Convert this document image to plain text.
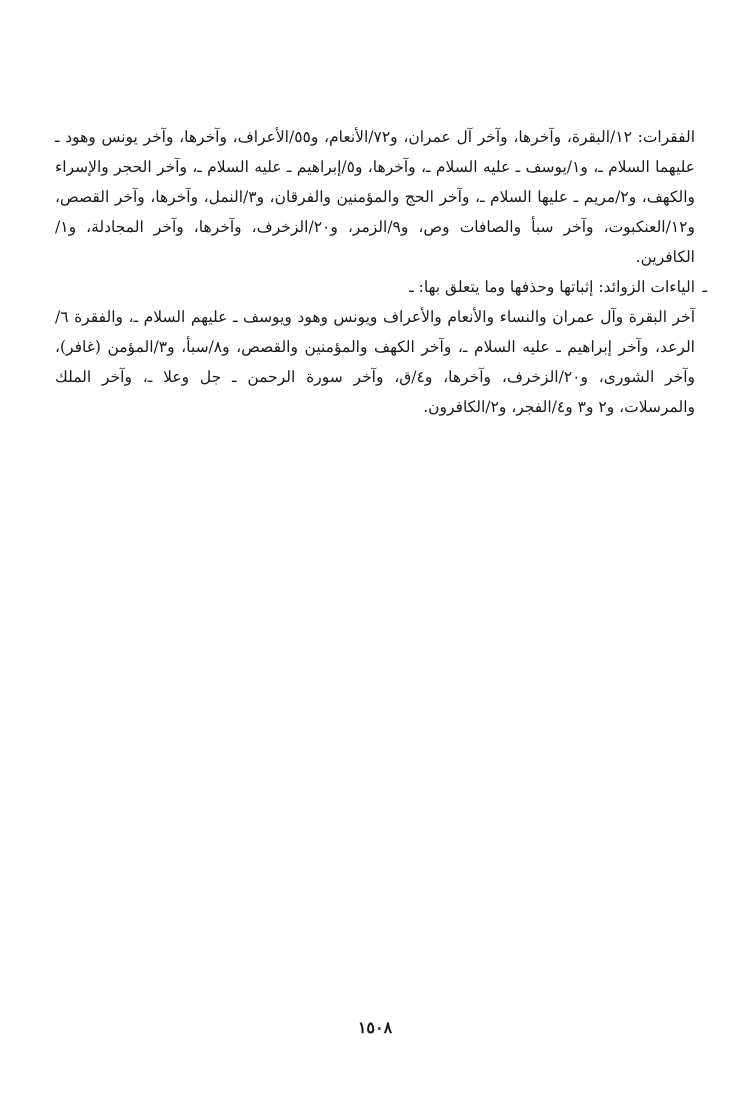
الفقرات: ١٢/البقرة، وآخرها، وآخر آل عمران، و٧٢/الأنعام، و٥٥/الأعراف، وآخرها، وآخر يونس وهود ـ عليهما السلام ـ، و١/يوسف ـ عليه السلام ـ، وآخرها، و٥/إبراهيم ـ عليه السلام ـ، وآخر الحجر والإسراء والكهف، و٢/مريم ـ عليها السلام ـ، وآخر الحج والمؤمنين والفرقان، و٣/النمل، وآخرها، وآخر القصص، و١٢/العنكبوت، وآخر سبأ والصافات وص، و٩/الزمر، و٢٠/الزخرف، وآخرها، وآخر المجادلة، و١/الكافرين.

ـ
الياءات الزوائد: إثباتها وحذفها وما يتعلق بها: ـ

آخر البقرة وآل عمران والنساء والأنعام والأعراف ويونس وهود ويوسف ـ عليهم السلام ـ، والفقرة ٦/الرعد، وآخر إبراهيم ـ عليه السلام ـ، وآخر الكهف والمؤمنين والقصص، و٨/سبأ، و٣/المؤمن (غافر)، وآخر الشورى، و٢٠/الزخرف، وآخرها، و٤/ق، وآخر سورة الرحمن ـ جل وعلا ـ، وآخر الملك والمرسلات، و٢ و٣ و٤/الفجر، و٢/الكافرون.

١٥٠٨
